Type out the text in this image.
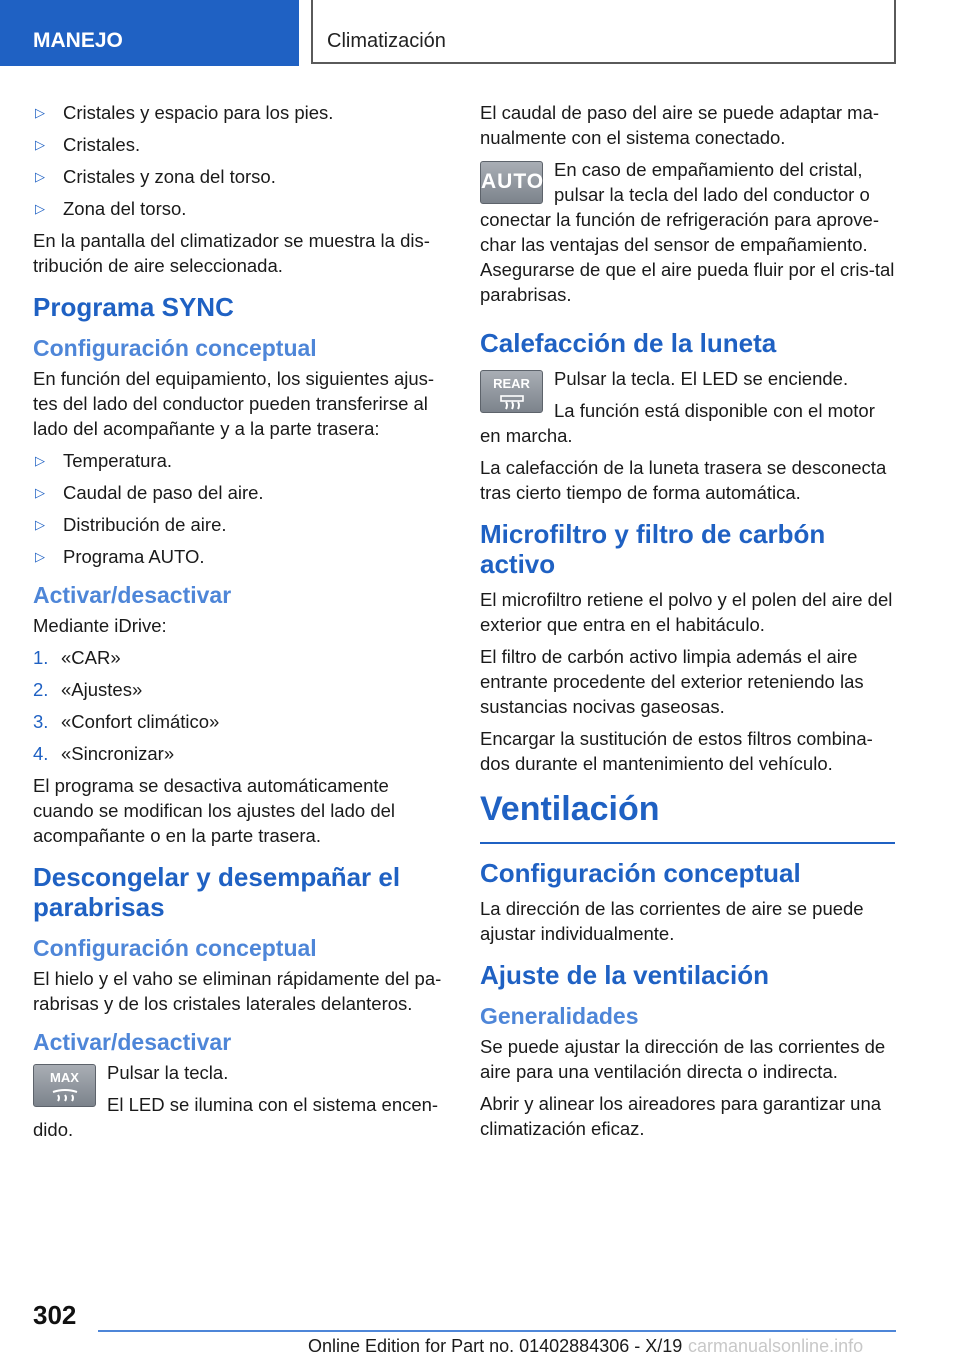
MANEJO	Climatización
▷ Cristales y espacio para los pies.
▷ Cristales.
▷ Cristales y zona del torso.
▷ Zona del torso.

En la pantalla del climatizador se muestra la dis-tribución de aire seleccionada.

Programa SYNC
Configuración conceptual

En función del equipamiento, los siguientes ajus-tes del lado del conductor pueden transferirse al lado del acompañante y a la parte trasera:

▷ Temperatura.
▷ Caudal de paso del aire.
▷ Distribución de aire.
▷ Programa AUTO.
Activar/desactivar

Mediante iDrive:

1. «CAR»
2. «Ajustes»
3. «Confort climático»
4. «Sincronizar»

El programa se desactiva automáticamente cuando se modifican los ajustes del lado del acompañante o en la parte trasera.

Descongelar y desempañar el parabrisas
Configuración conceptual

El hielo y el vaho se eliminan rápidamente del pa-rabrisas y de los cristales laterales delanteros.

Activar/desactivar
MAX	Pulsar la tecla.

El LED se ilumina con el sistema encen-dido.

El caudal de paso del aire se puede adaptar ma-nualmente con el sistema conectado.

AUTO

En caso de empañamiento del cristal, pulsar la tecla del lado del conductor o conectar la función de refrigeración para aprove-char las ventajas del sensor de empañamiento. Asegurarse de que el aire pueda fluir por el cris-tal parabrisas.

Calefacción de la luneta
REAR	Pulsar la tecla. El LED se enciende.

La función está disponible con el motor en marcha.

La calefacción de la luneta trasera se desconecta tras cierto tiempo de forma automática.

Microfiltro y filtro de carbón activo

El microfiltro retiene el polvo y el polen del aire del exterior que entra en el habitáculo.

El filtro de carbón activo limpia además el aire entrante procedente del exterior reteniendo las sustancias nocivas gaseosas.

Encargar la sustitución de estos filtros combina-dos durante el mantenimiento del vehículo.

Ventilación
Configuración conceptual

La dirección de las corrientes de aire se puede ajustar individualmente.

Ajuste de la ventilación
Generalidades

Se puede ajustar la dirección de las corrientes de aire para una ventilación directa o indirecta.

Abrir y alinear los aireadores para garantizar una climatización eficaz.

302
Online Edition for Part no. 01402884306 - X/19 carmanualsonline.info
